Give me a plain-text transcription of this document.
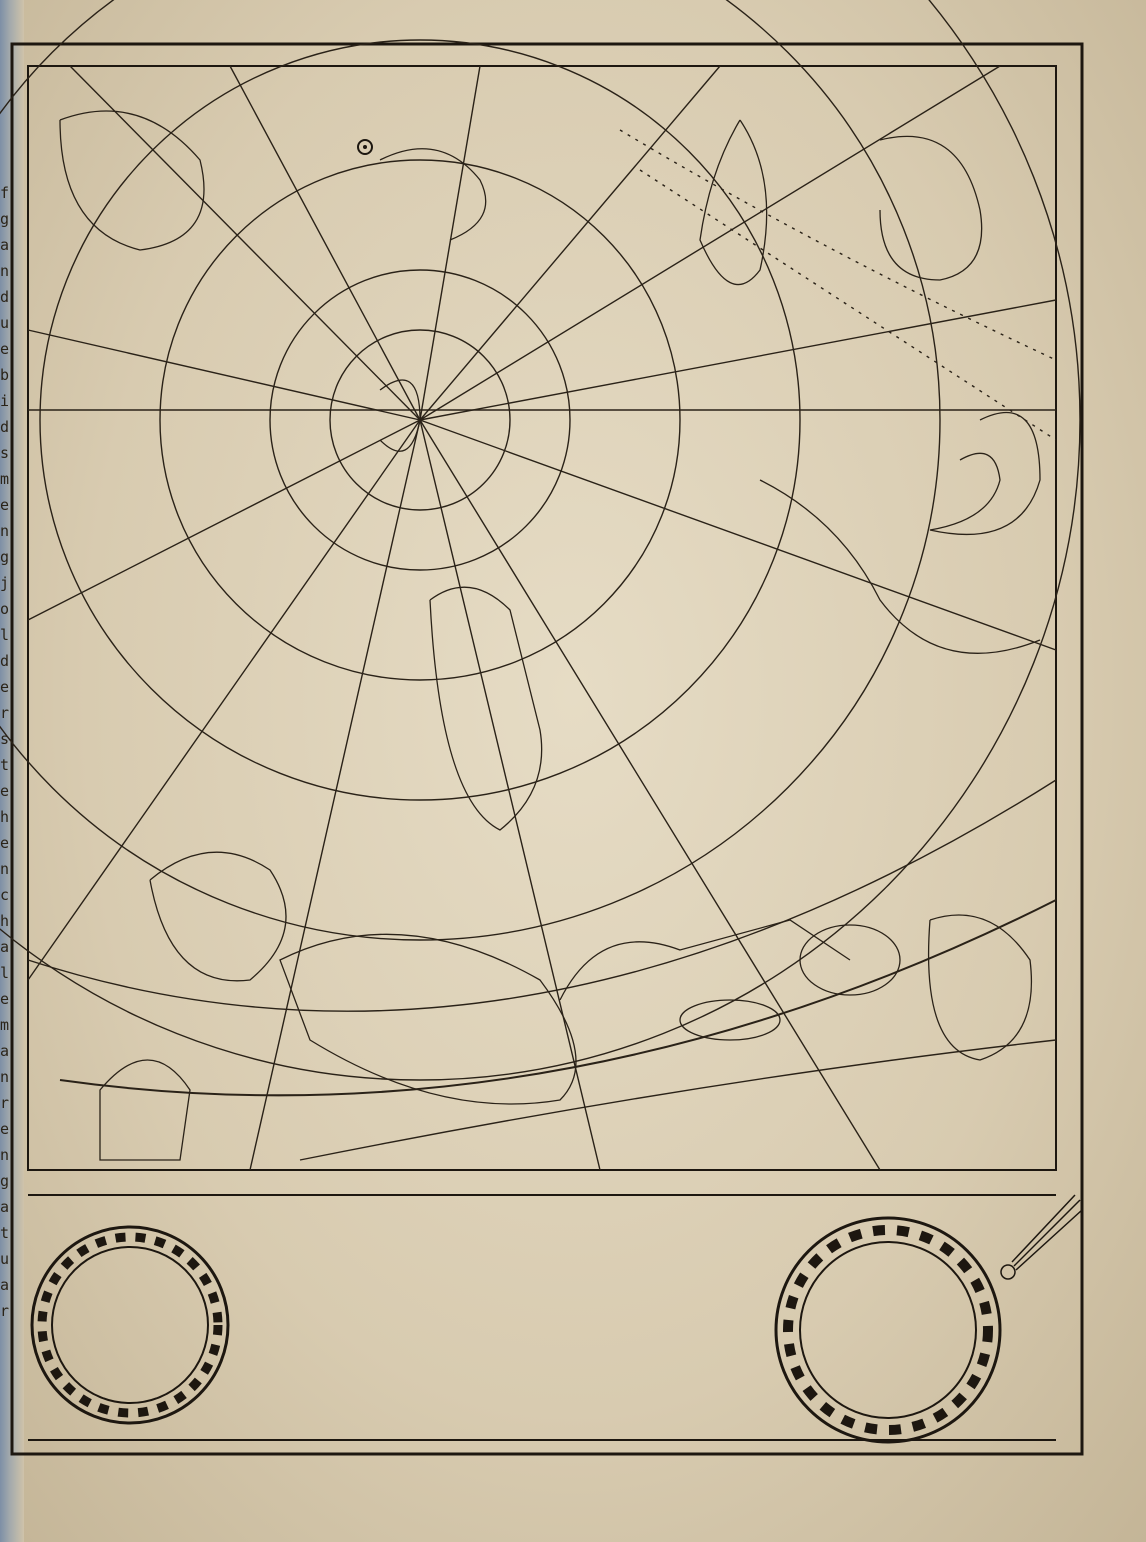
f g a n d u e b i d s m e n g j o l d e r s t e h e n c h a l e m a n r e n g a t u a r
